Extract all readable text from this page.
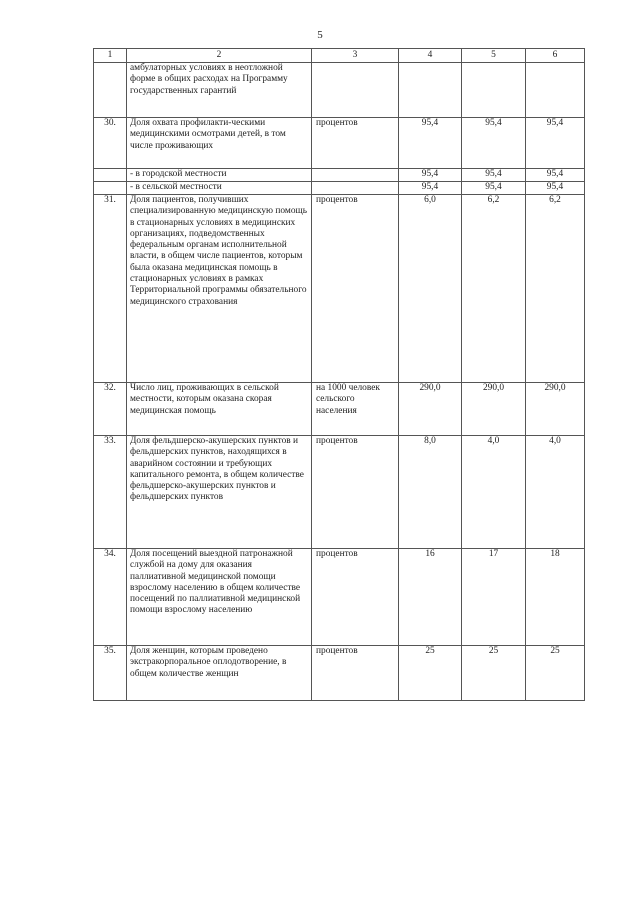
5
1	2	3	4	5	6
	амбулаторных условиях в неотложной форме в общих расходах на Программу государственных гарантий				
30.	Доля охвата профилакти-ческими медицинскими осмотрами детей, в том числе проживающих	процентов	95,4	95,4	95,4
	- в городской местности		95,4	95,4	95,4
	- в сельской местности		95,4	95,4	95,4
31.	Доля пациентов, получивших специализированную медицинскую помощь в стационарных условиях в медицинских организациях, подведомственных федеральным органам исполнительной власти, в общем числе пациентов, которым была оказана медицинская помощь в стационарных условиях в рамках Территориальной программы обязательного медицинского страхования	процентов	6,0	6,2	6,2
32.	Число лиц, проживающих в сельской местности, которым оказана скорая медицинская помощь	на 1000 человек сельского населения	290,0	290,0	290,0
33.	Доля фельдшерско-акушерских пунктов и фельдшерских пунктов, находящихся в аварийном состоянии и требующих капитального ремонта, в общем количестве фельдшерско-акушерских пунктов и фельдшерских пунктов	процентов	8,0	4,0	4,0
34.	Доля посещений выездной патронажной службой на дому для оказания паллиативной медицинской помощи взрослому населению в общем количестве посещений по паллиативной медицинской помощи взрослому населению	процентов	16	17	18
35.	Доля женщин, которым проведено экстракорпоральное оплодотворение, в общем количестве женщин	процентов	25	25	25
